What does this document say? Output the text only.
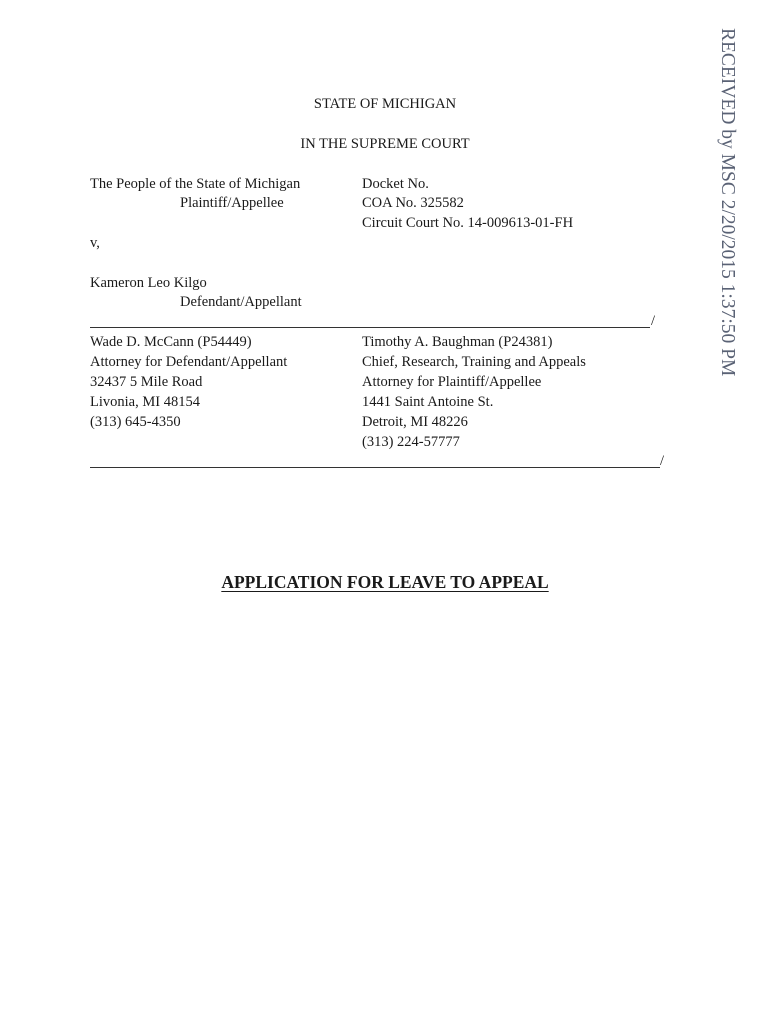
RECEIVED by MSC 2/20/2015 1:37:50 PM
STATE OF MICHIGAN
IN THE SUPREME COURT
The People of the State of Michigan
Plaintiff/Appellee
v,
Kameron Leo Kilgo
Defendant/Appellant
Docket No.
COA No. 325582
Circuit Court No. 14-009613-01-FH
/
Wade D. McCann (P54449)
Attorney for Defendant/Appellant
32437 5 Mile Road
Livonia, MI 48154
(313) 645-4350
Timothy A. Baughman (P24381)
Chief, Research, Training and Appeals
Attorney for Plaintiff/Appellee
1441 Saint Antoine St.
Detroit, MI 48226
(313) 224-57777
/
APPLICATION FOR LEAVE TO APPEAL
